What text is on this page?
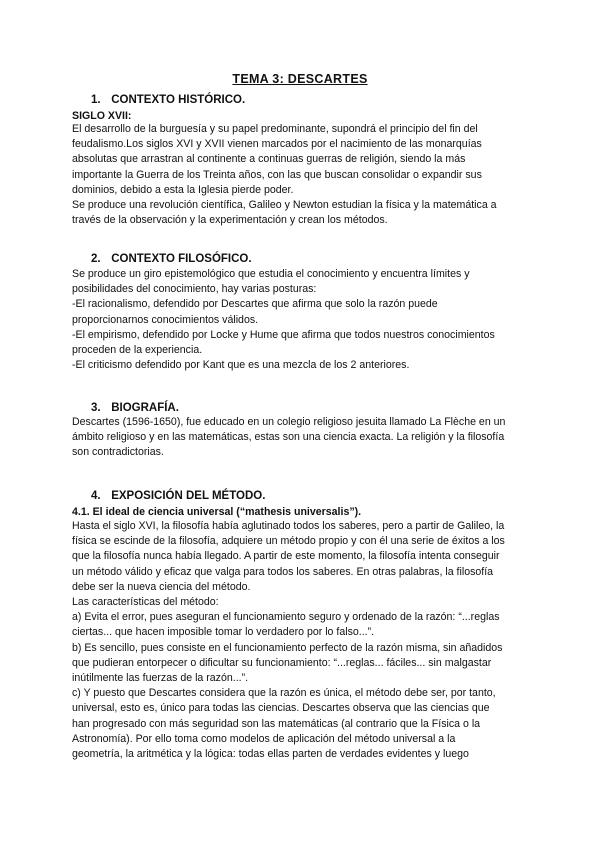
TEMA 3: DESCARTES
1. CONTEXTO HISTÓRICO.
SIGLO XVII:

El desarrollo de la burguesía y su papel predominante, supondrá el principio del fin del

feudalismo.Los siglos XVI y XVII vienen marcados por el nacimiento de las monarquías

absolutas que arrastran al continente a continuas guerras de religión, siendo la más

importante la Guerra de los Treinta años, con las que buscan consolidar o expandir sus

dominios, debido a esta la Iglesia pierde poder.

Se produce una revolución científica, Galileo y Newton estudian la física y la matemática a

través de la observación y la experimentación y crean los métodos.

2. CONTEXTO FILOSÓFICO.

Se produce un giro epistemológico que estudia el conocimiento y encuentra límites y

posibilidades del conocimiento, hay varias posturas:

-El racionalismo, defendido por Descartes que afirma que solo la razón puede

proporcionarnos conocimientos válidos.

-El empirismo, defendido por Locke y Hume que afirma que todos nuestros conocimientos

proceden de la experiencia.

-El criticismo defendido por Kant que es una mezcla de los 2 anteriores.

3. BIOGRAFÍA.

Descartes (1596-1650), fue educado en un colegio religioso jesuita llamado La Flèche en un

ámbito religioso y en las matemáticas, estas son una ciencia exacta. La religión y la filosofía

son contradictorias.

4. EXPOSICIÓN DEL MÉTODO.
4.1. El ideal de ciencia universal (“mathesis universalis”).

Hasta el siglo XVI, la filosofía había aglutinado todos los saberes, pero a partir de Galileo, la

física se escinde de la filosofía, adquiere un método propio y con él una serie de éxitos a los

que la filosofía nunca había llegado. A partir de este momento, la filosofía intenta conseguir

un método válido y eficaz que valga para todos los saberes. En otras palabras, la filosofía

debe ser la nueva ciencia del método.

Las características del método:

a) Evita el error, pues aseguran el funcionamiento seguro y ordenado de la razón: “...reglas

ciertas... que hacen imposible tomar lo verdadero por lo falso...”.

b) Es sencillo, pues consiste en el funcionamiento perfecto de la razón misma, sin añadidos

que pudieran entorpecer o dificultar su funcionamiento: “...reglas... fáciles... sin malgastar

inútilmente las fuerzas de la razón...”.

c) Y puesto que Descartes considera que la razón es única, el método debe ser, por tanto,

universal, esto es, único para todas las ciencias. Descartes observa que las ciencias que

han progresado con más seguridad son las matemáticas (al contrario que la Física o la

Astronomía). Por ello toma como modelos de aplicación del método universal a la

geometría, la aritmética y la lógica: todas ellas parten de verdades evidentes y luego
